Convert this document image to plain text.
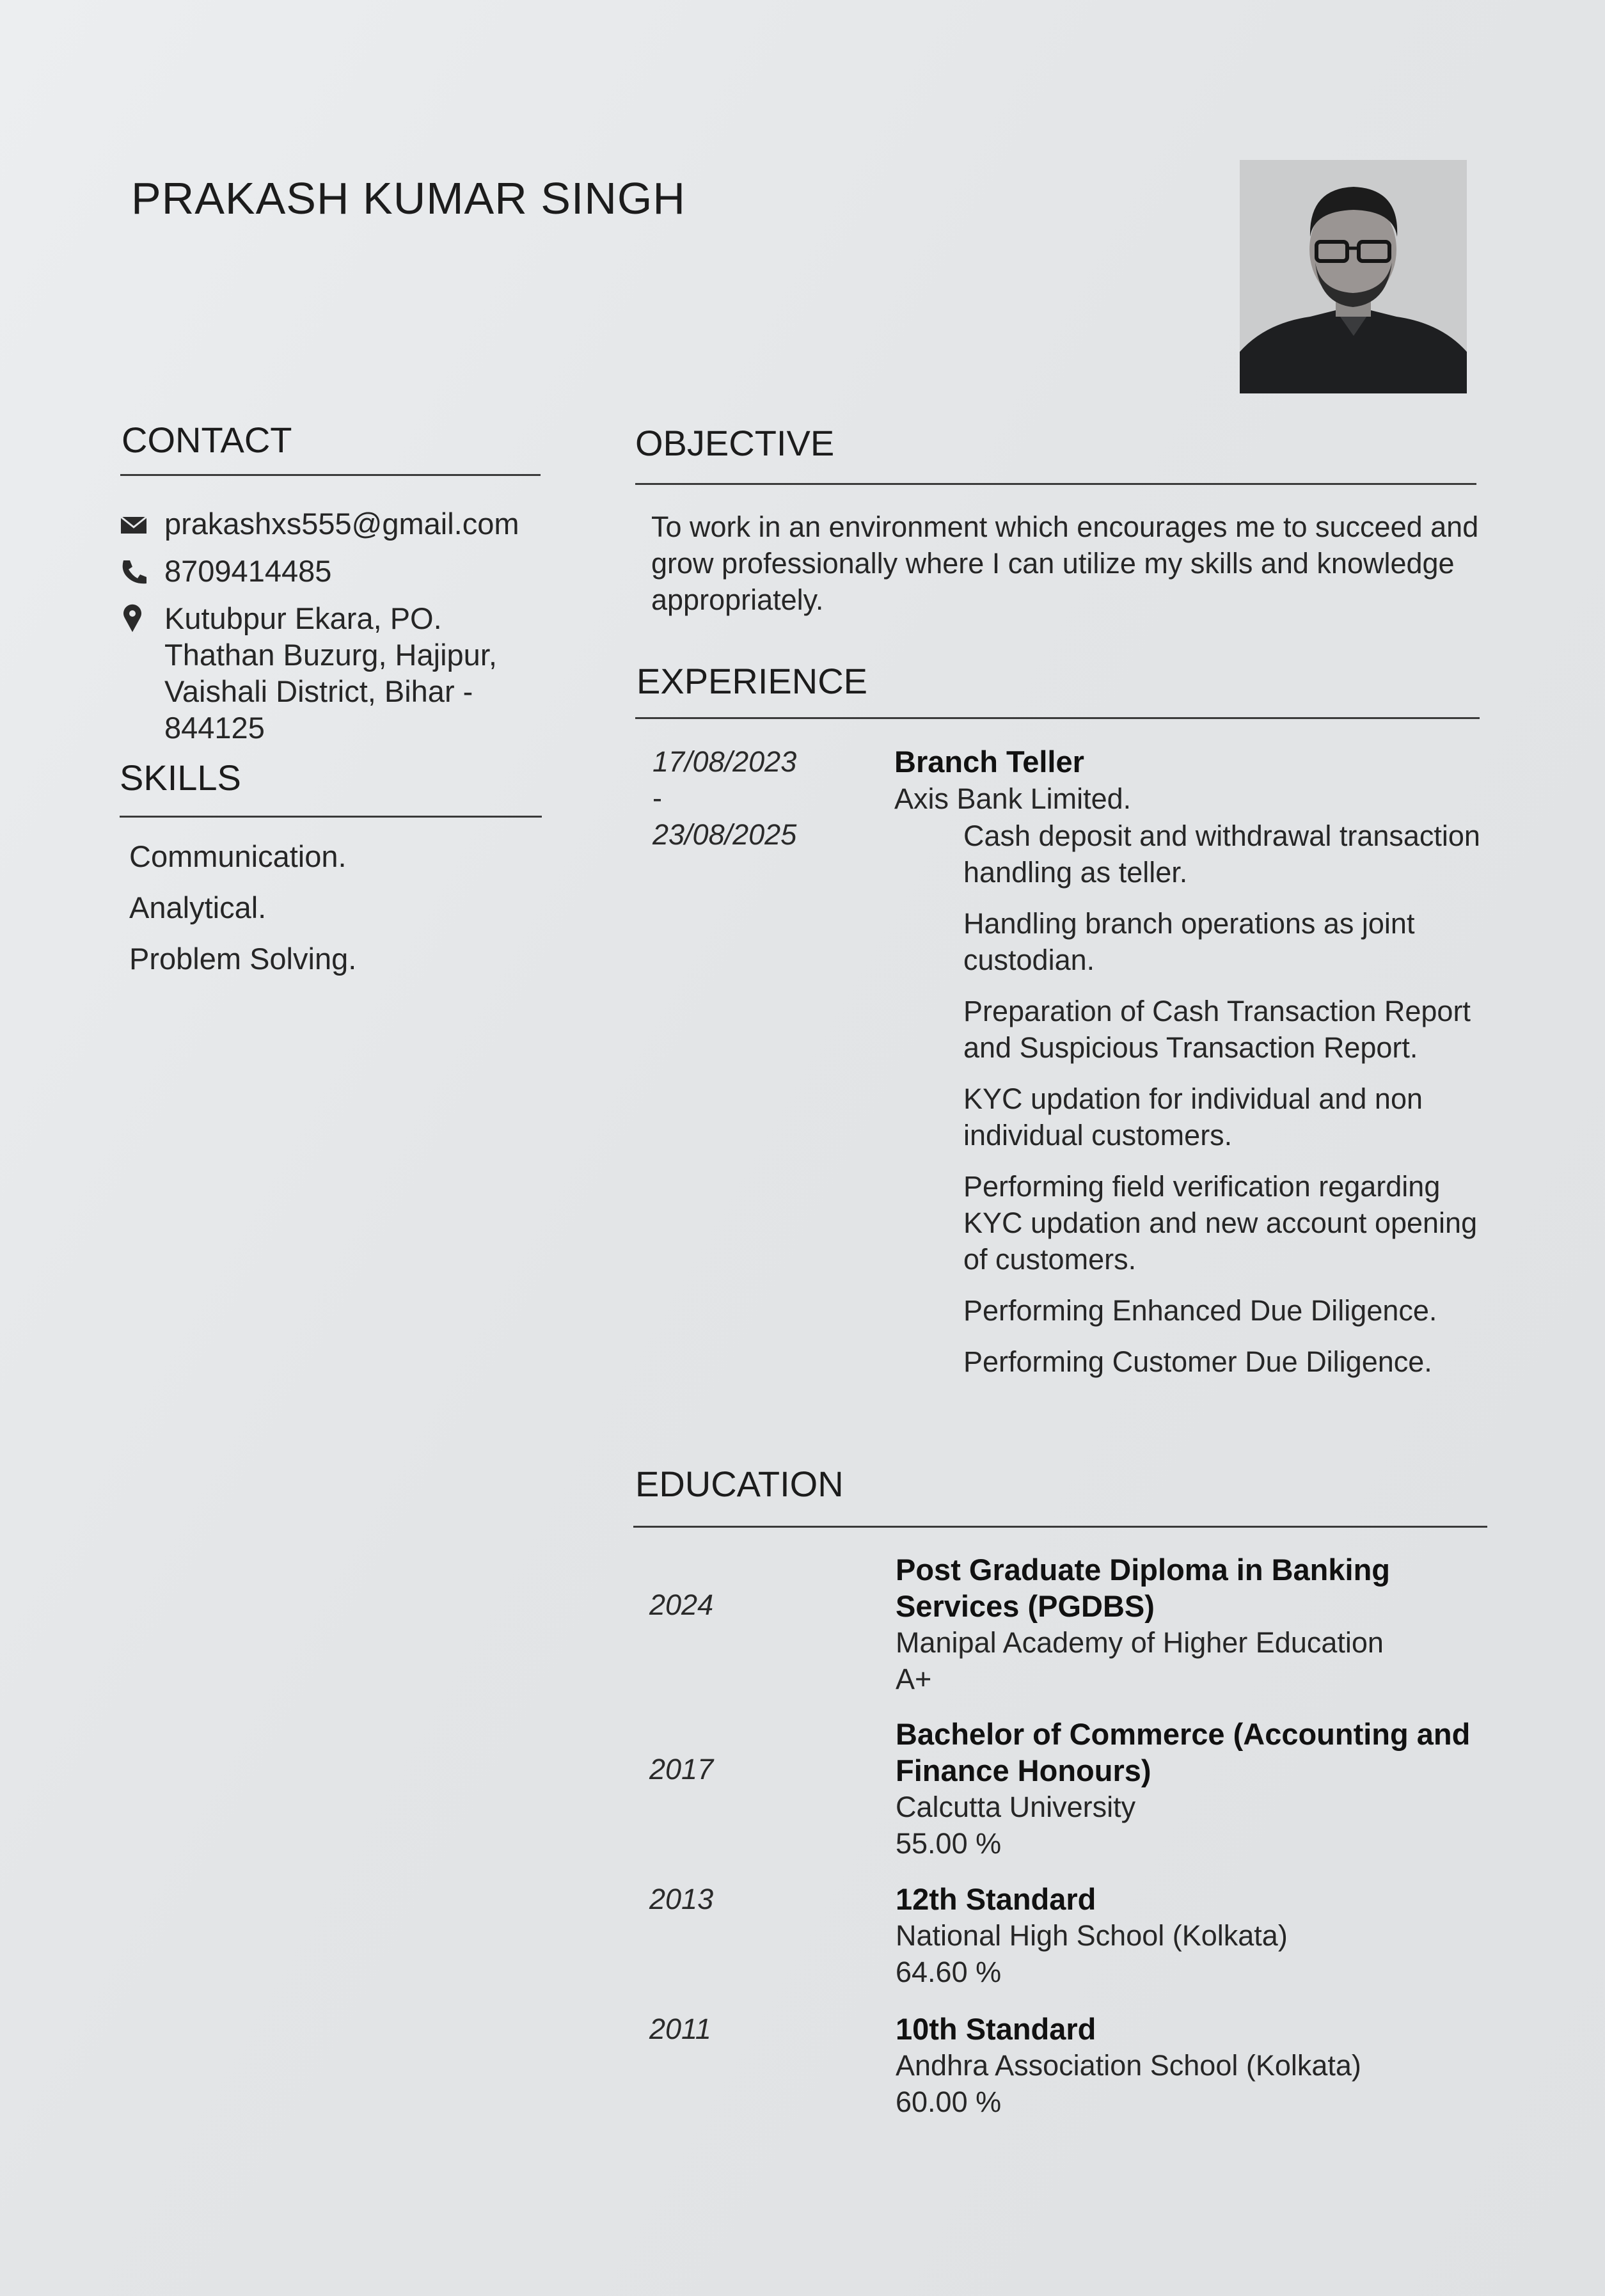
PRAKASH KUMAR SINGH
CONTACT
prakashxs555@gmail.com
8709414485
Kutubpur Ekara, PO. Thathan Buzurg, Hajipur, Vaishali District, Bihar - 844125
SKILLS
Communication.
Analytical.
Problem Solving.
OBJECTIVE
To work in an environment which encourages me to succeed and grow professionally where I can utilize my skills and knowledge appropriately.
EXPERIENCE
17/08/2023
-
23/08/2025
Branch Teller
Axis Bank Limited.
Cash deposit and withdrawal transaction handling as teller.
Handling branch operations as joint custodian.
Preparation of Cash Transaction Report and Suspicious Transaction Report.
KYC updation for individual and non individual customers.
Performing field verification regarding KYC updation and new account opening of customers.
Performing Enhanced Due Diligence.
Performing Customer Due Diligence.
EDUCATION
2024
Post Graduate Diploma in Banking Services (PGDBS)
Manipal Academy of Higher Education
A+
2017
Bachelor of Commerce (Accounting and Finance Honours)
Calcutta University
55.00 %
2013	12th Standard
National High School (Kolkata)
64.60 %
2011	10th Standard
Andhra Association School (Kolkata)
60.00 %
